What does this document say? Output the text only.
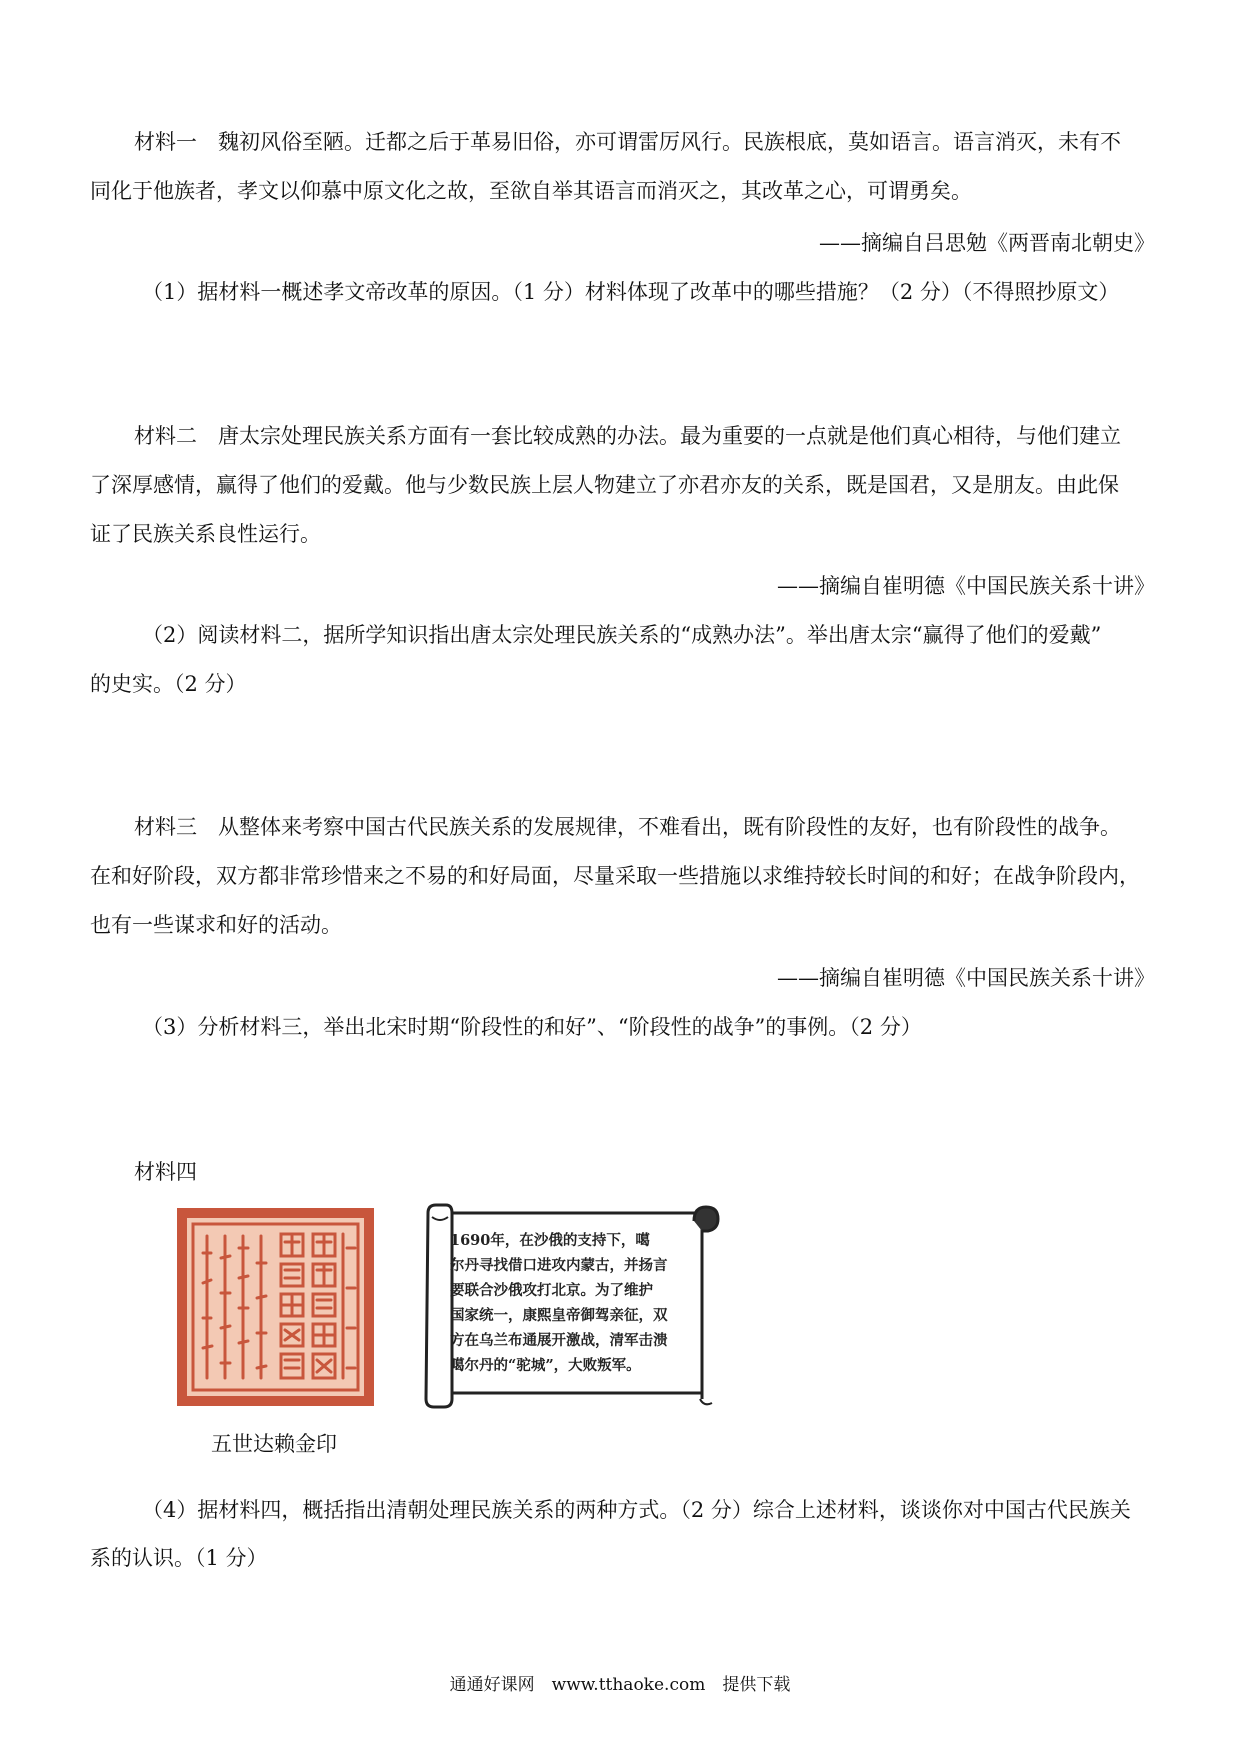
材料一　魏初风俗至陋。迁都之后于革易旧俗，亦可谓雷厉风行。民族根底，莫如语言。语言消灭，未有不
同化于他族者，孝文以仰慕中原文化之故，至欲自举其语言而消灭之，其改革之心，可谓勇矣。
——摘编自吕思勉《两晋南北朝史》
（1）据材料一概述孝文帝改革的原因。（1 分）材料体现了改革中的哪些措施？（2 分）（不得照抄原文）
材料二　唐太宗处理民族关系方面有一套比较成熟的办法。最为重要的一点就是他们真心相待，与他们建立
了深厚感情，赢得了他们的爱戴。他与少数民族上层人物建立了亦君亦友的关系，既是国君，又是朋友。由此保
证了民族关系良性运行。
——摘编自崔明德《中国民族关系十讲》
（2）阅读材料二，据所学知识指出唐太宗处理民族关系的“成熟办法”。举出唐太宗“赢得了他们的爱戴”
的史实。（2 分）
材料三　从整体来考察中国古代民族关系的发展规律，不难看出，既有阶段性的友好，也有阶段性的战争。
在和好阶段，双方都非常珍惜来之不易的和好局面，尽量采取一些措施以求维持较长时间的和好；在战争阶段内，
也有一些谋求和好的活动。
——摘编自崔明德《中国民族关系十讲》
（3）分析材料三，举出北宋时期“阶段性的和好”、“阶段性的战争”的事例。（2 分）
材料四
1690年，在沙俄的支持下，噶
尔丹寻找借口进攻内蒙古，并扬言
要联合沙俄攻打北京。为了维护
国家统一，康熙皇帝御驾亲征，双
方在乌兰布通展开激战，清军击溃
噶尔丹的“驼城”，大败叛军。
五世达赖金印
（4）据材料四，概括指出清朝处理民族关系的两种方式。（2 分）综合上述材料，谈谈你对中国古代民族关
系的认识。（1 分）
通通好课网　www.tthaoke.com　提供下载
